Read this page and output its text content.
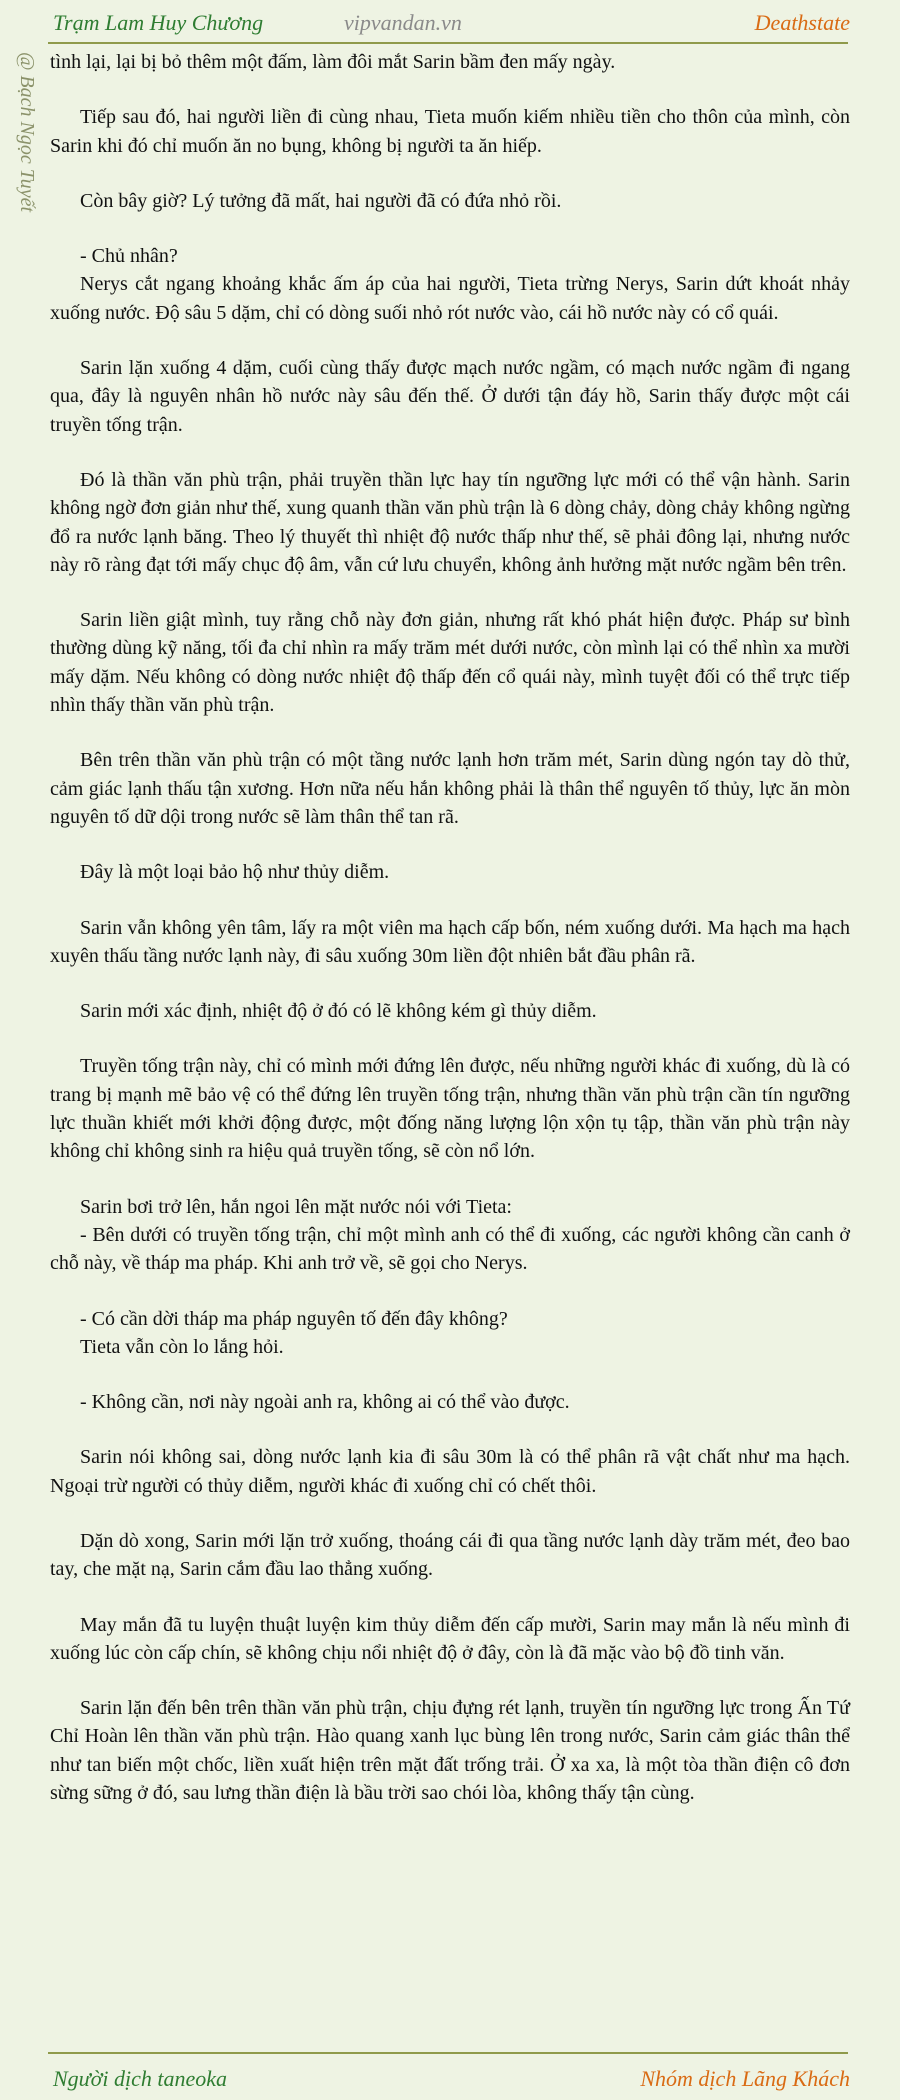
Trạm Lam Huy Chương	vipvandan.vn	Deathstate
@ Bạch Ngọc Tuyết tình lại, lại bị bỏ thêm một đấm, làm đôi mắt Sarin bầm đen mấy ngày.

Tiếp sau đó, hai người liền đi cùng nhau, Tieta muốn kiếm nhiều tiền cho thôn của mình, còn Sarin khi đó chỉ muốn ăn no bụng, không bị người ta ăn hiếp.

Còn bây giờ? Lý tưởng đã mất, hai người đã có đứa nhỏ rồi.

- Chủ nhân?

Nerys cắt ngang khoảng khắc ấm áp của hai người, Tieta trừng Nerys, Sarin dứt khoát nhảy xuống nước. Độ sâu 5 dặm, chỉ có dòng suối nhỏ rót nước vào, cái hồ nước này có cổ quái.

Sarin lặn xuống 4 dặm, cuối cùng thấy được mạch nước ngầm, có mạch nước ngầm đi ngang qua, đây là nguyên nhân hồ nước này sâu đến thế. Ở dưới tận đáy hồ, Sarin thấy được một cái truyền tống trận.

Đó là thần văn phù trận, phải truyền thần lực hay tín ngưỡng lực mới có thể vận hành. Sarin không ngờ đơn giản như thế, xung quanh thần văn phù trận là 6 dòng chảy, dòng chảy không ngừng đổ ra nước lạnh băng. Theo lý thuyết thì nhiệt độ nước thấp như thế, sẽ phải đông lại, nhưng nước này rõ ràng đạt tới mấy chục độ âm, vẫn cứ lưu chuyển, không ảnh hưởng mặt nước ngầm bên trên.

Sarin liền giật mình, tuy rằng chỗ này đơn giản, nhưng rất khó phát hiện được. Pháp sư bình thường dùng kỹ năng, tối đa chỉ nhìn ra mấy trăm mét dưới nước, còn mình lại có thể nhìn xa mười mấy dặm. Nếu không có dòng nước nhiệt độ thấp đến cổ quái này, mình tuyệt đối có thể trực tiếp nhìn thấy thần văn phù trận.

Bên trên thần văn phù trận có một tầng nước lạnh hơn trăm mét, Sarin dùng ngón tay dò thử, cảm giác lạnh thấu tận xương. Hơn nữa nếu hắn không phải là thân thể nguyên tố thủy, lực ăn mòn nguyên tố dữ dội trong nước sẽ làm thân thể tan rã.

Đây là một loại bảo hộ như thủy diễm.

Sarin vẫn không yên tâm, lấy ra một viên ma hạch cấp bốn, ném xuống dưới. Ma hạch ma hạch xuyên thấu tầng nước lạnh này, đi sâu xuống 30m liền đột nhiên bắt đầu phân rã.

Sarin mới xác định, nhiệt độ ở đó có lẽ không kém gì thủy diễm.

Truyền tống trận này, chỉ có mình mới đứng lên được, nếu những người khác đi xuống, dù là có trang bị mạnh mẽ bảo vệ có thể đứng lên truyền tống trận, nhưng thần văn phù trận cần tín ngưỡng lực thuần khiết mới khởi động được, một đống năng lượng lộn xộn tụ tập, thần văn phù trận này không chỉ không sinh ra hiệu quả truyền tống, sẽ còn nổ lớn.

Sarin bơi trở lên, hắn ngoi lên mặt nước nói với Tieta:

- Bên dưới có truyền tống trận, chỉ một mình anh có thể đi xuống, các người không cần canh ở chỗ này, về tháp ma pháp. Khi anh trở về, sẽ gọi cho Nerys.

- Có cần dời tháp ma pháp nguyên tố đến đây không?

Tieta vẫn còn lo lắng hỏi.

- Không cần, nơi này ngoài anh ra, không ai có thể vào được.

Sarin nói không sai, dòng nước lạnh kia đi sâu 30m là có thể phân rã vật chất như ma hạch. Ngoại trừ người có thủy diễm, người khác đi xuống chỉ có chết thôi.

Dặn dò xong, Sarin mới lặn trở xuống, thoáng cái đi qua tầng nước lạnh dày trăm mét, đeo bao tay, che mặt nạ, Sarin cắm đầu lao thẳng xuống.

May mắn đã tu luyện thuật luyện kim thủy diễm đến cấp mười, Sarin may mắn là nếu mình đi xuống lúc còn cấp chín, sẽ không chịu nổi nhiệt độ ở đây, còn là đã mặc vào bộ đồ tinh văn.

Sarin lặn đến bên trên thần văn phù trận, chịu đựng rét lạnh, truyền tín ngưỡng lực trong Ấn Tứ Chỉ Hoàn lên thần văn phù trận. Hào quang xanh lục bùng lên trong nước, Sarin cảm giác thân thể như tan biến một chốc, liền xuất hiện trên mặt đất trống trải. Ở xa xa, là một tòa thần điện cô đơn sừng sững ở đó, sau lưng thần điện là bầu trời sao chói lòa, không thấy tận cùng.

Người dịch taneoka	Nhóm dịch Lãng Khách
